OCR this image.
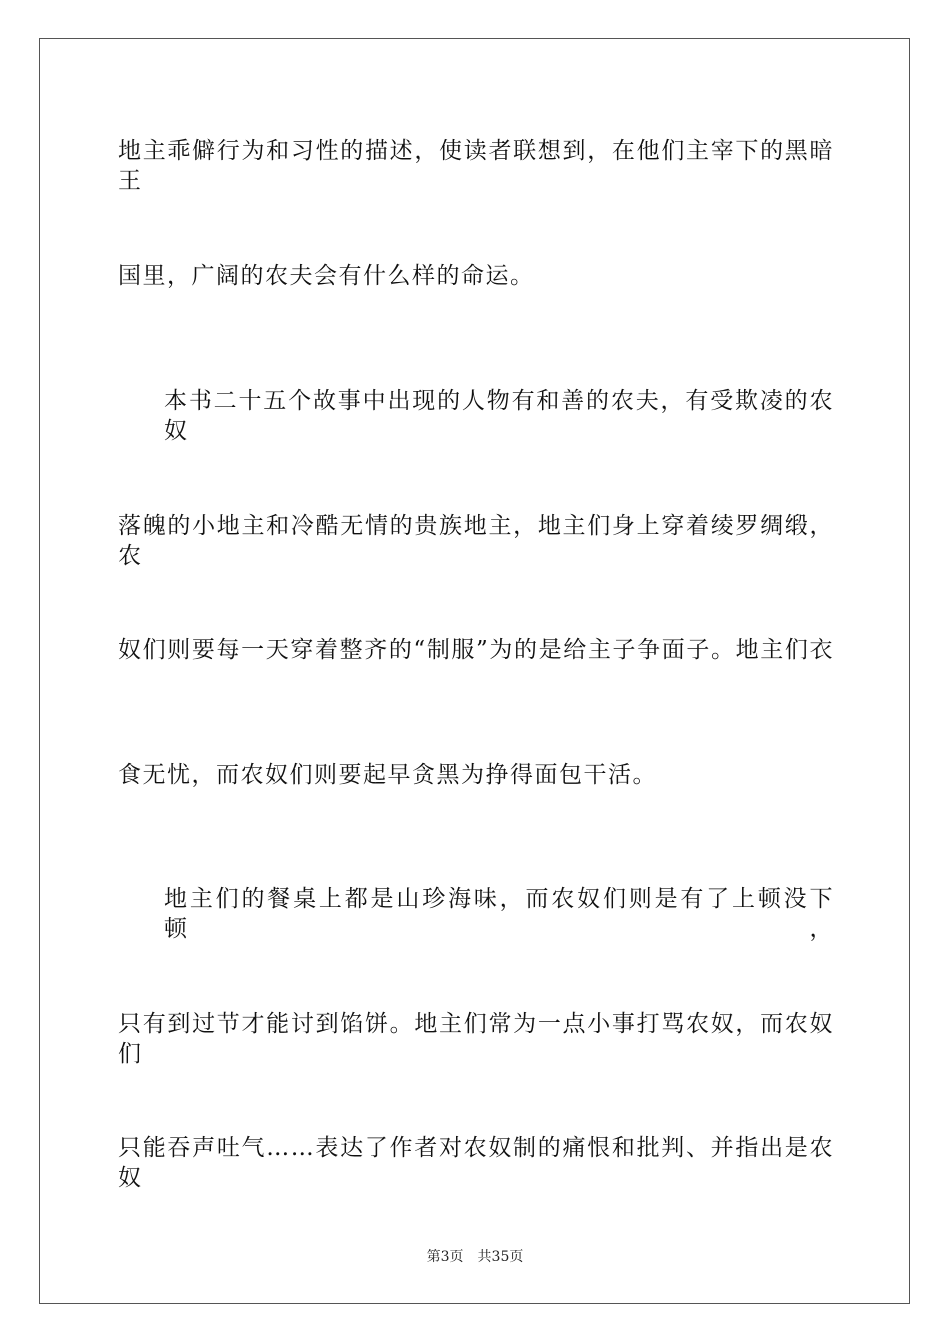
地主乖僻行为和习性的描述，使读者联想到，在他们主宰下的黑暗王
国里，广阔的农夫会有什么样的命运。
本书二十五个故事中出现的人物有和善的农夫，有受欺凌的农奴
落魄的小地主和冷酷无情的贵族地主，地主们身上穿着绫罗绸缎，农
奴们则要每一天穿着整齐的“制服”为的是给主子争面子。地主们衣
食无忧，而农奴们则要起早贪黑为挣得面包干活。
地主们的餐桌上都是山珍海味，而农奴们则是有了上顿没下顿，
只有到过节才能讨到馅饼。地主们常为一点小事打骂农奴，而农奴们
只能吞声吐气……表达了作者对农奴制的痛恨和批判、并指出是农奴
第3页 共35页
